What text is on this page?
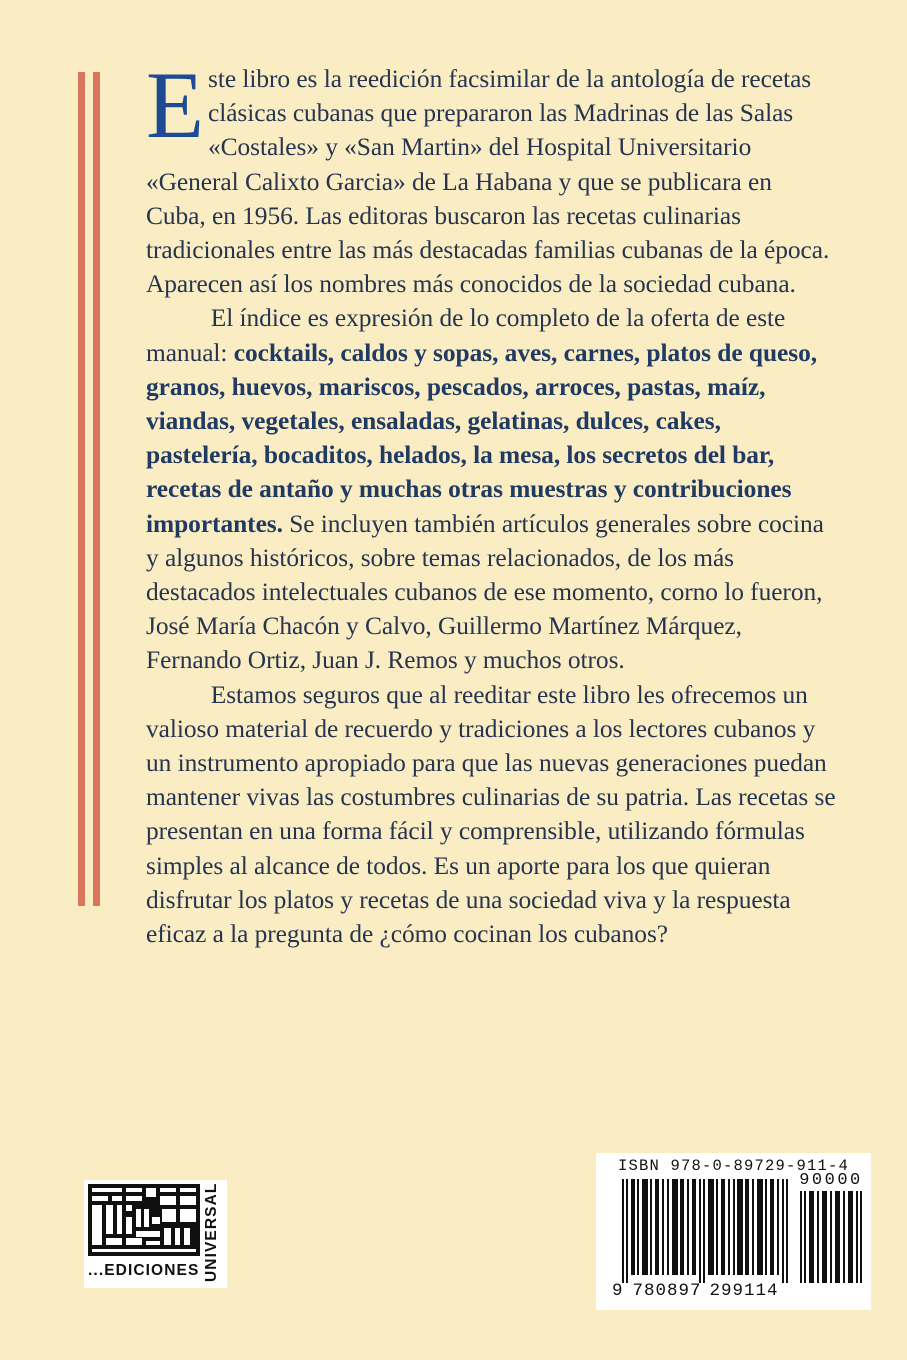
Este libro es la reedición facsimilar de la antología de recetas clásicas cubanas que prepararon las Madrinas de las Salas «Costales» y «San Martin» del Hospital Universitario «General Calixto Garcia» de La Habana y que se publicara en Cuba, en 1956. Las editoras buscaron las recetas culinarias tradicionales entre las más destacadas familias cubanas de la época. Aparecen así los nombres más conocidos de la sociedad cubana.

El índice es expresión de lo completo de la oferta de este manual: cocktails, caldos y sopas, aves, carnes, platos de queso, granos, huevos, mariscos, pescados, arroces, pastas, maíz, viandas, vegetales, ensaladas, gelatinas, dulces, cakes, pastelería, bocaditos, helados, la mesa, los secretos del bar, recetas de antaño y muchas otras muestras y contribuciones importantes. Se incluyen también artículos generales sobre cocina y algunos históricos, sobre temas relacionados, de los más destacados intelectuales cubanos de ese momento, corno lo fueron, José María Chacón y Calvo, Guillermo Martínez Márquez, Fernando Ortiz, Juan J. Remos y muchos otros.

Estamos seguros que al reeditar este libro les ofrecemos un valioso material de recuerdo y tradiciones a los lectores cubanos y un instrumento apropiado para que las nuevas generaciones puedan mantener vivas las costumbres culinarias de su patria. Las recetas se presentan en una forma fácil y comprensible, utilizando fórmulas simples al alcance de todos. Es un aporte para los que quieran disfrutar los platos y recetas de una sociedad viva y la respuesta eficaz a la pregunta de ¿cómo cocinan los cubanos?

...EDICIONES UNIVERSAL
ISBN 978-0-89729-911-4
90000
9 780897 299114
